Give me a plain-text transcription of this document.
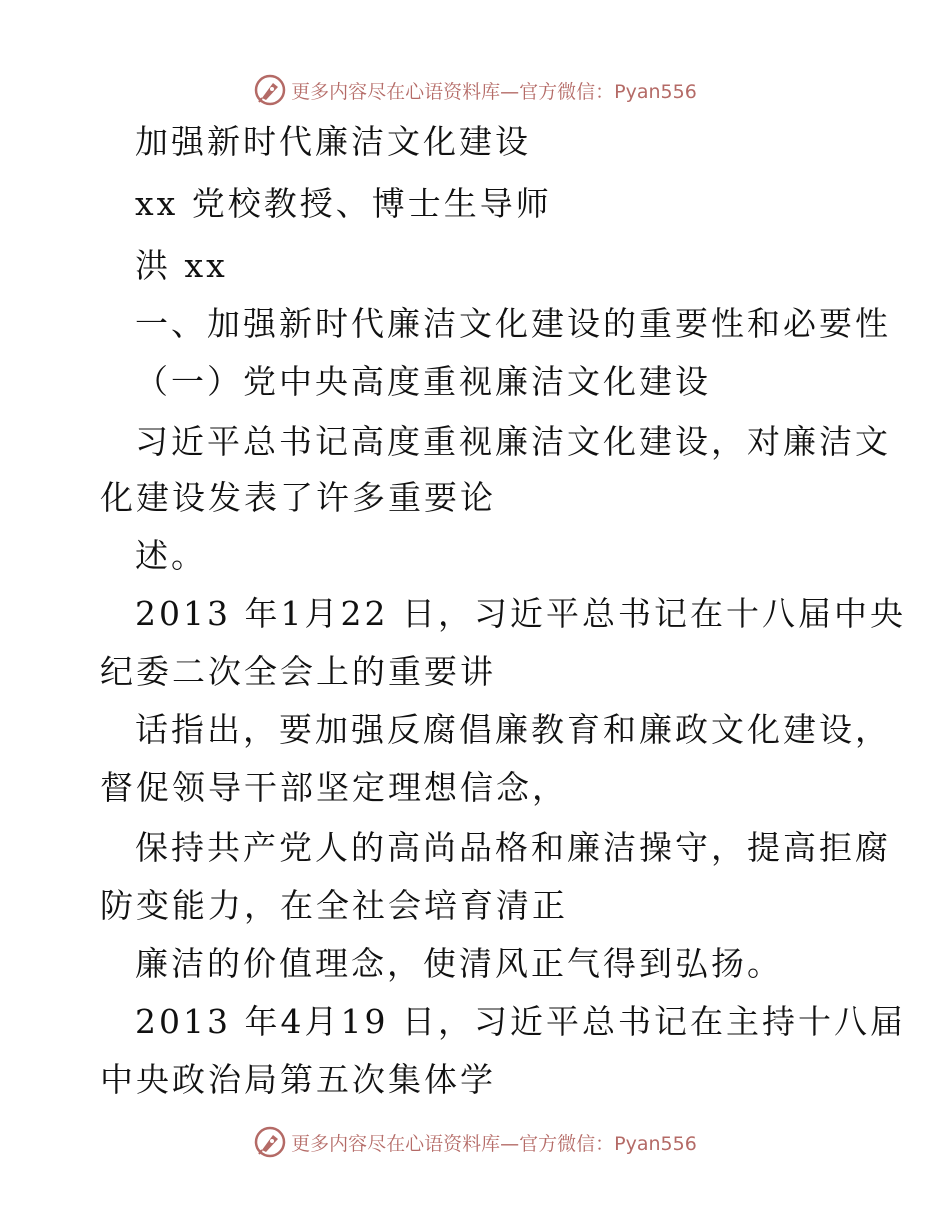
更多内容尽在心语资料库—官方微信：Pyan556
加强新时代廉洁文化建设
xx 党校教授、博士生导师
洪 xx
一、加强新时代廉洁文化建设的重要性和必要性
（一）党中央高度重视廉洁文化建设
习近平总书记高度重视廉洁文化建设，对廉洁文
化建设发表了许多重要论
述。
2013 年1月22 日，习近平总书记在十八届中央
纪委二次全会上的重要讲
话指出，要加强反腐倡廉教育和廉政文化建设，
督促领导干部坚定理想信念，
保持共产党人的高尚品格和廉洁操守，提高拒腐
防变能力，在全社会培育清正
廉洁的价值理念，使清风正气得到弘扬。
2013 年4月19 日，习近平总书记在主持十八届
中央政治局第五次集体学
更多内容尽在心语资料库—官方微信：Pyan556
